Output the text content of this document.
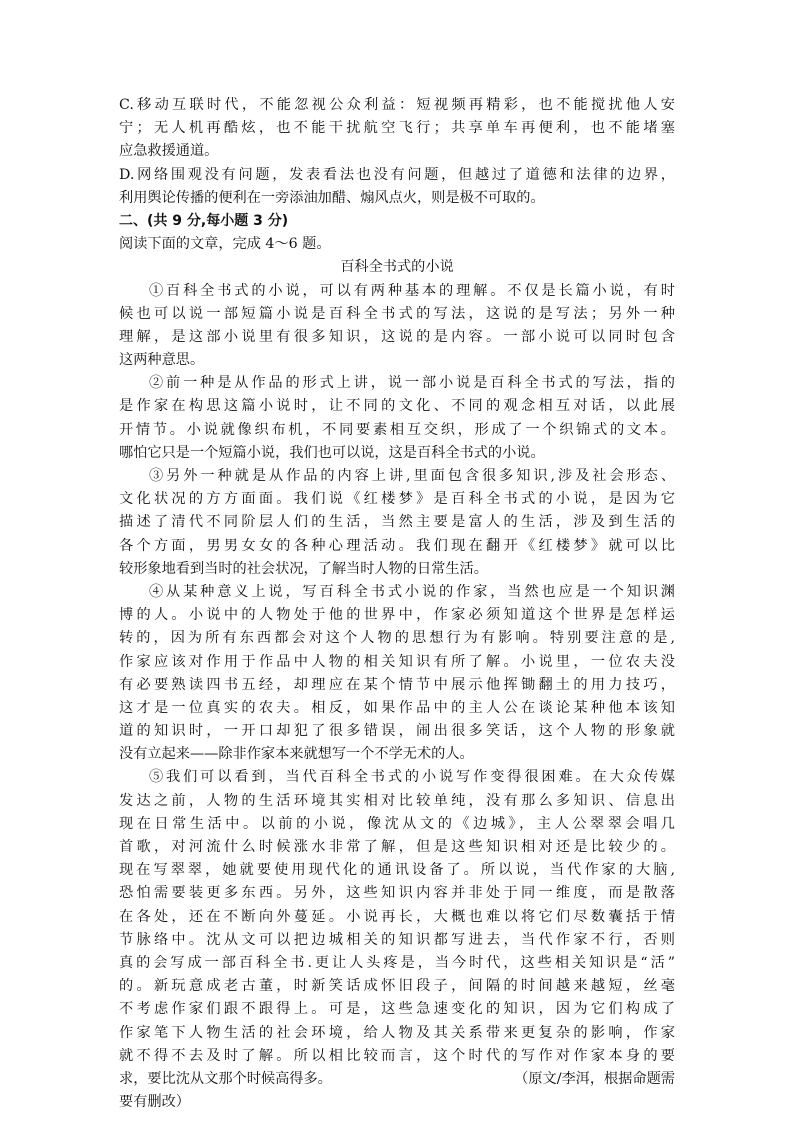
C.移动互联时代，不能忽视公众利益：短视频再精彩，也不能搅扰他人安
宁；无人机再酷炫，也不能干扰航空飞行；共享单车再便利，也不能堵塞
应急救援通道。
D.网络围观没有问题，发表看法也没有问题，但越过了道德和法律的边界，
利用舆论传播的便利在一旁添油加醋、煽风点火，则是极不可取的。
二、(共 9 分,每小题 3 分)
阅读下面的文章，完成 4～6 题。
百科全书式的小说
①百科全书式的小说，可以有两种基本的理解。不仅是长篇小说，有时
候也可以说一部短篇小说是百科全书式的写法，这说的是写法；另外一种
理解，是这部小说里有很多知识，这说的是内容。一部小说可以同时包含
这两种意思。
②前一种是从作品的形式上讲，说一部小说是百科全书式的写法，指的
是作家在构思这篇小说时，让不同的文化、不同的观念相互对话，以此展
开情节。小说就像织布机，不同要素相互交织，形成了一个织锦式的文本。
哪怕它只是一个短篇小说，我们也可以说，这是百科全书式的小说。
③另外一种就是从作品的内容上讲,里面包含很多知识,涉及社会形态、
文化状况的方方面面。我们说《红楼梦》是百科全书式的小说，是因为它
描述了清代不同阶层人们的生活，当然主要是富人的生活，涉及到生活的
各个方面，男男女女的各种心理活动。我们现在翻开《红楼梦》就可以比
较形象地看到当时的社会状况，了解当时人物的日常生活。
④从某种意义上说，写百科全书式小说的作家，当然也应是一个知识渊
博的人。小说中的人物处于他的世界中，作家必须知道这个世界是怎样运
转的，因为所有东西都会对这个人物的思想行为有影响。特别要注意的是,
作家应该对作用于作品中人物的相关知识有所了解。小说里，一位农夫没
有必要熟读四书五经，却理应在某个情节中展示他挥锄翻土的用力技巧，
这才是一位真实的农夫。相反，如果作品中的主人公在谈论某种他本该知
道的知识时，一开口却犯了很多错误，闹出很多笑话，这个人物的形象就
没有立起来——除非作家本来就想写一个不学无术的人。
⑤我们可以看到，当代百科全书式的小说写作变得很困难。在大众传媒
发达之前，人物的生活环境其实相对比较单纯，没有那么多知识、信息出
现在日常生活中。以前的小说，像沈从文的《边城》，主人公翠翠会唱几
首歌，对河流什么时候涨水非常了解，但是这些知识相对还是比较少的。
现在写翠翠，她就要使用现代化的通讯设备了。所以说，当代作家的大脑,
恐怕需要装更多东西。另外，这些知识内容并非处于同一维度，而是散落
在各处，还在不断向外蔓延。小说再长，大概也难以将它们尽数囊括于情
节脉络中。沈从文可以把边城相关的知识都写进去，当代作家不行，否则
真的会写成一部百科全书.更让人头疼是，当今时代，这些相关知识是“活”
的。新玩意成老古董，时新笑话成怀旧段子，间隔的时间越来越短，丝毫
不考虑作家们跟不跟得上。可是，这些急速变化的知识，因为它们构成了
作家笔下人物生活的社会环境，给人物及其关系带来更复杂的影响，作家
就不得不去及时了解。所以相比较而言，这个时代的写作对作家本身的要
求，要比沈从文那个时候高得多。	（原文/李洱，根据命题需
要有删改）
